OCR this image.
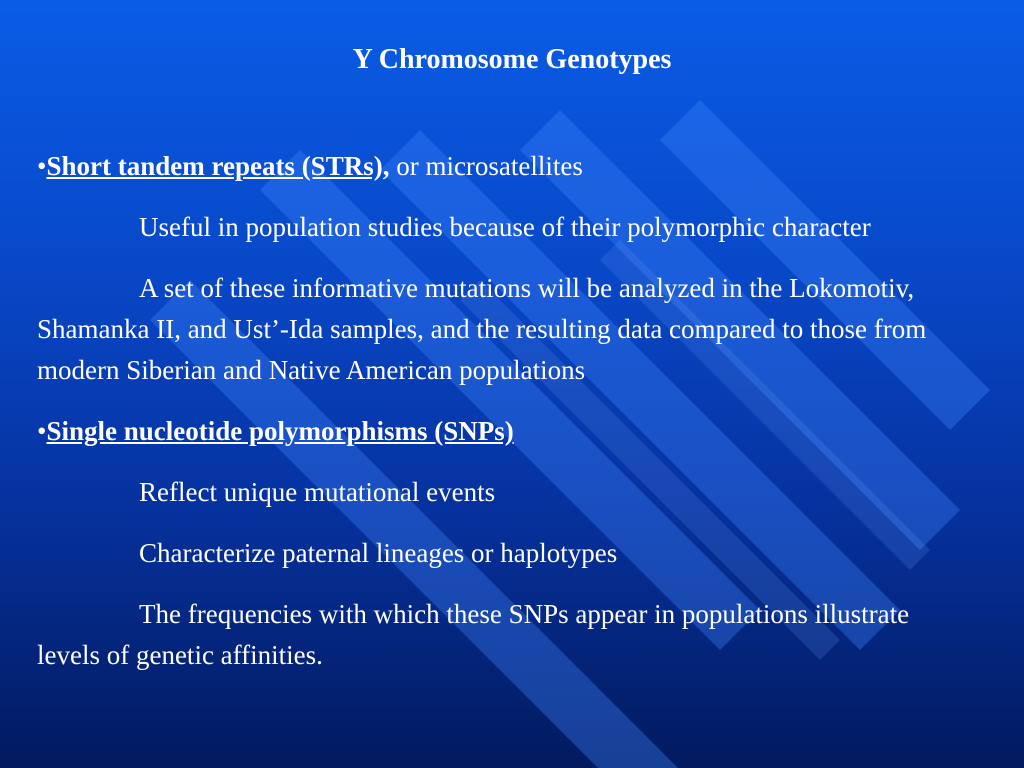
Y Chromosome Genotypes

•Short tandem repeats (STRs), or microsatellites

Useful in population studies because of their polymorphic character

A set of these informative mutations will be analyzed in the Lokomotiv, Shamanka II, and Ust’-Ida samples, and the resulting data compared to those from modern Siberian and Native American populations

•Single nucleotide polymorphisms (SNPs)

Reflect unique mutational events

Characterize paternal lineages or haplotypes

The frequencies with which these SNPs appear in populations illustrate levels of genetic affinities.
